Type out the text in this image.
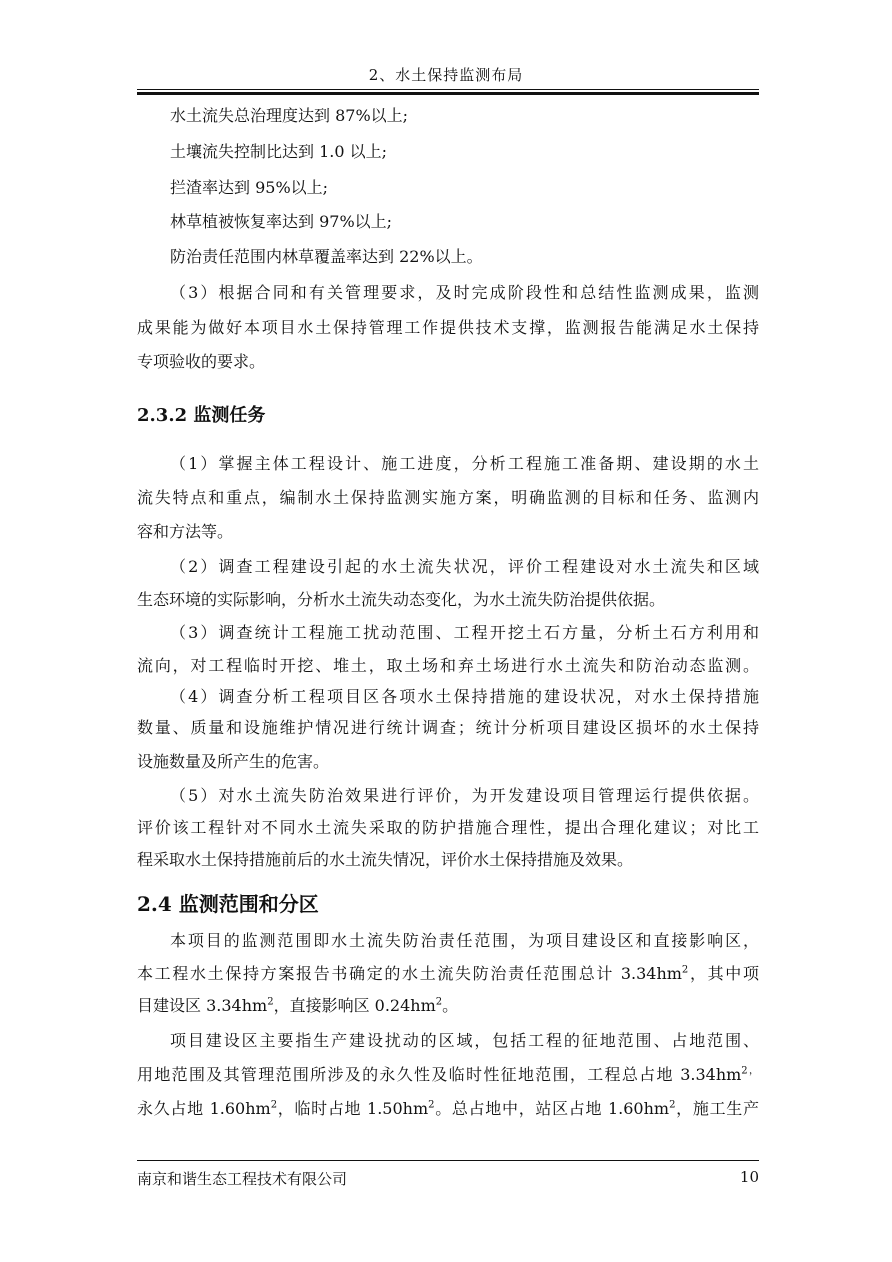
2、水土保持监测布局
水土流失总治理度达到 87%以上;
土壤流失控制比达到 1.0 以上;
拦渣率达到 95%以上;
林草植被恢复率达到 97%以上;
防治责任范围内林草覆盖率达到 22%以上。
（3）根据合同和有关管理要求，及时完成阶段性和总结性监测成果，监测
成果能为做好本项目水土保持管理工作提供技术支撑，监测报告能满足水土保持
专项验收的要求。
2.3.2 监测任务
（1）掌握主体工程设计、施工进度，分析工程施工准备期、建设期的水土
流失特点和重点，编制水土保持监测实施方案，明确监测的目标和任务、监测内
容和方法等。
（2）调查工程建设引起的水土流失状况，评价工程建设对水土流失和区域
生态环境的实际影响，分析水土流失动态变化，为水土流失防治提供依据。
（3）调查统计工程施工扰动范围、工程开挖土石方量，分析土石方利用和
流向，对工程临时开挖、堆土，取土场和弃土场进行水土流失和防治动态监测。
（4）调查分析工程项目区各项水土保持措施的建设状况，对水土保持措施
数量、质量和设施维护情况进行统计调查；统计分析项目建设区损坏的水土保持
设施数量及所产生的危害。
（5）对水土流失防治效果进行评价，为开发建设项目管理运行提供依据。
评价该工程针对不同水土流失采取的防护措施合理性，提出合理化建议；对比工
程采取水土保持措施前后的水土流失情况，评价水土保持措施及效果。
2.4 监测范围和分区
本项目的监测范围即水土流失防治责任范围，为项目建设区和直接影响区，
本工程水土保持方案报告书确定的水土流失防治责任范围总计 $3.34hm^2$，其中项
目建设区 $3.34hm^2$，直接影响区 $0.24hm^2$。
项目建设区主要指生产建设扰动的区域，包括工程的征地范围、占地范围、
用地范围及其管理范围所涉及的永久性及临时性征地范围，工程总占地 $3.34hm^{2,}$
永久占地 $1.60hm^2$，临时占地 $1.50hm^2$。总占地中，站区占地 $1.60hm^2$，施工生产
南京和谐生态工程技术有限公司	10
